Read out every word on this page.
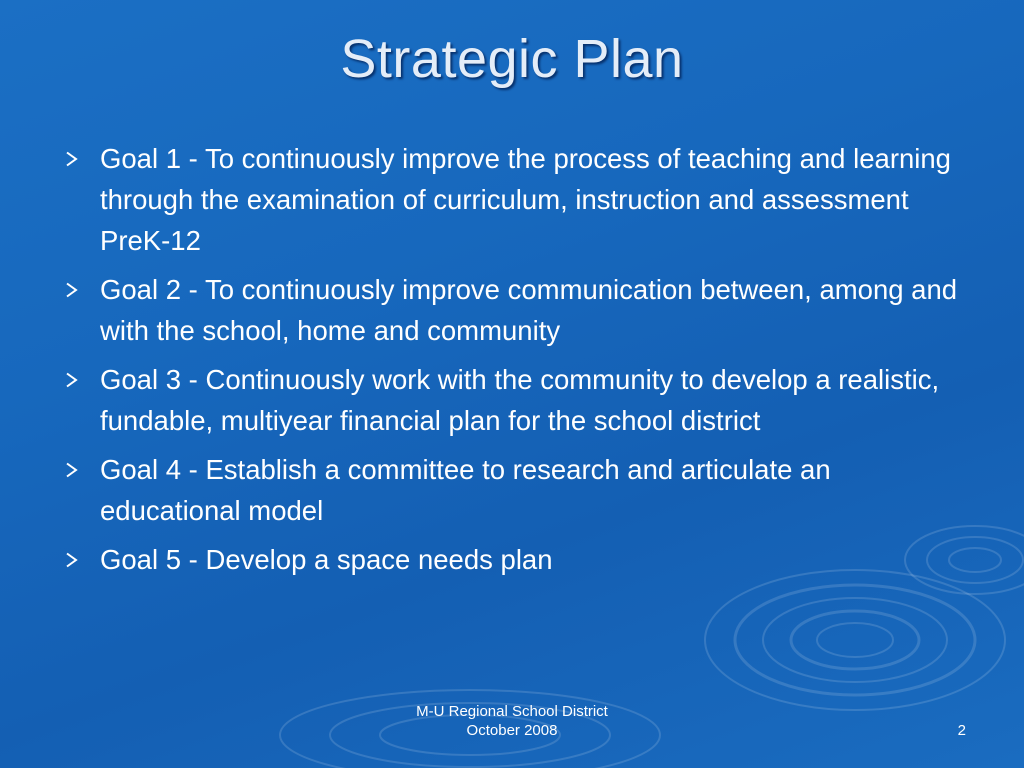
Strategic Plan
Goal 1 - To continuously improve the process of teaching and learning through the examination of curriculum, instruction and assessment PreK-12
Goal 2 - To continuously improve communication between, among and with the school, home and community
Goal 3 - Continuously work with the community to develop a realistic, fundable, multiyear financial plan for the school district
Goal 4 - Establish a committee to research and articulate an educational model
Goal 5 - Develop a space needs plan
M-U Regional School District
October 2008	2
